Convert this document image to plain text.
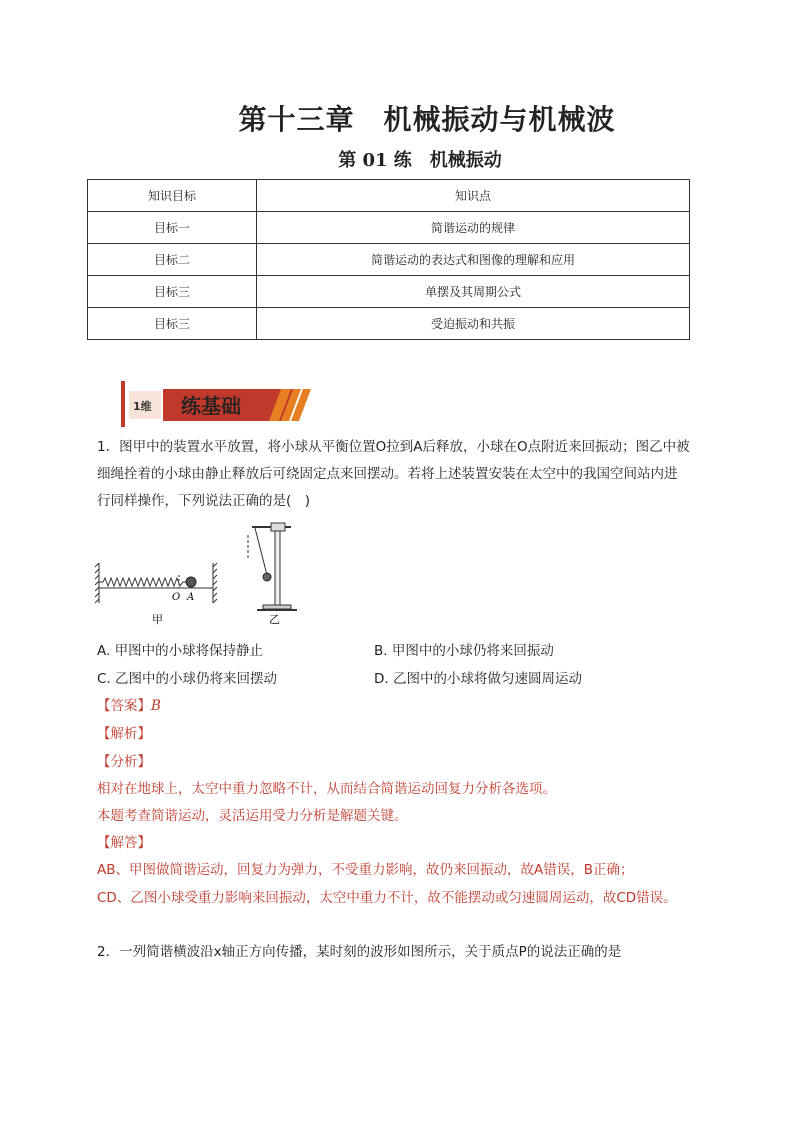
第十三章　机械振动与机械波
第 01 练　机械振动
知识目标	知识点
目标一	简谐运动的规律
目标二	简谐运动的表达式和图像的理解和应用
目标三	单摆及其周期公式
目标三	受迫振动和共振
1维 练基础
1．图甲中的装置水平放置，将小球从平衡位置O拉到A后释放，小球在O点附近来回振动；图乙中被
细绳拴着的小球由静止释放后可绕固定点来回摆动。若将上述装置安装在太空中的我国空间站内进
行同样操作，下列说法正确的是(　)
O A
甲	乙
A. 甲图中的小球将保持静止	B. 甲图中的小球仍将来回振动
C. 乙图中的小球仍将来回摆动	D. 乙图中的小球将做匀速圆周运动
【答案】B
【解析】
【分析】
相对在地球上，太空中重力忽略不计，从而结合简谐运动回复力分析各选项。
本题考查简谐运动，灵活运用受力分析是解题关键。
【解答】
AB、甲图做简谐运动，回复力为弹力，不受重力影响，故仍来回振动，故A错误，B正确；
CD、乙图小球受重力影响来回振动，太空中重力不计，故不能摆动或匀速圆周运动，故CD错误。
2．一列简谐横波沿x轴正方向传播，某时刻的波形如图所示，关于质点P的说法正确的是
